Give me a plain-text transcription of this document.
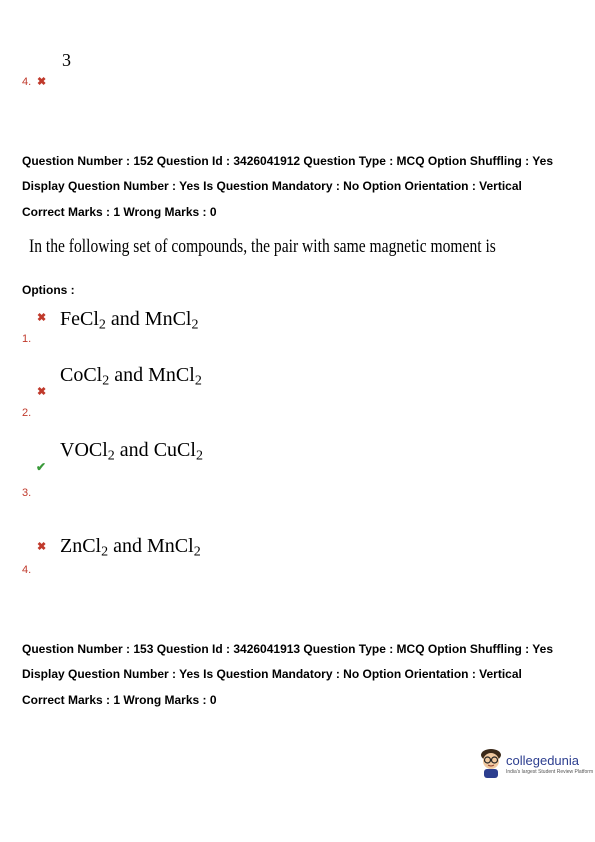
3
4. ✖
Question Number : 152 Question Id : 3426041912 Question Type : MCQ Option Shuffling : Yes
Display Question Number : Yes Is Question Mandatory : No Option Orientation : Vertical
Correct Marks : 1 Wrong Marks : 0
In the following set of compounds, the pair with same magnetic moment is
Options :
✖ FeCl$_2$ and MnCl$_2$
1.
CoCl$_2$ and MnCl$_2$
✖
2.
VOCl$_2$ and CuCl$_2$
✔
3.
✖ ZnCl$_2$ and MnCl$_2$
4.
Question Number : 153 Question Id : 3426041913 Question Type : MCQ Option Shuffling : Yes
Display Question Number : Yes Is Question Mandatory : No Option Orientation : Vertical
Correct Marks : 1 Wrong Marks : 0
collegedunia
India's largest Student Review Platform
